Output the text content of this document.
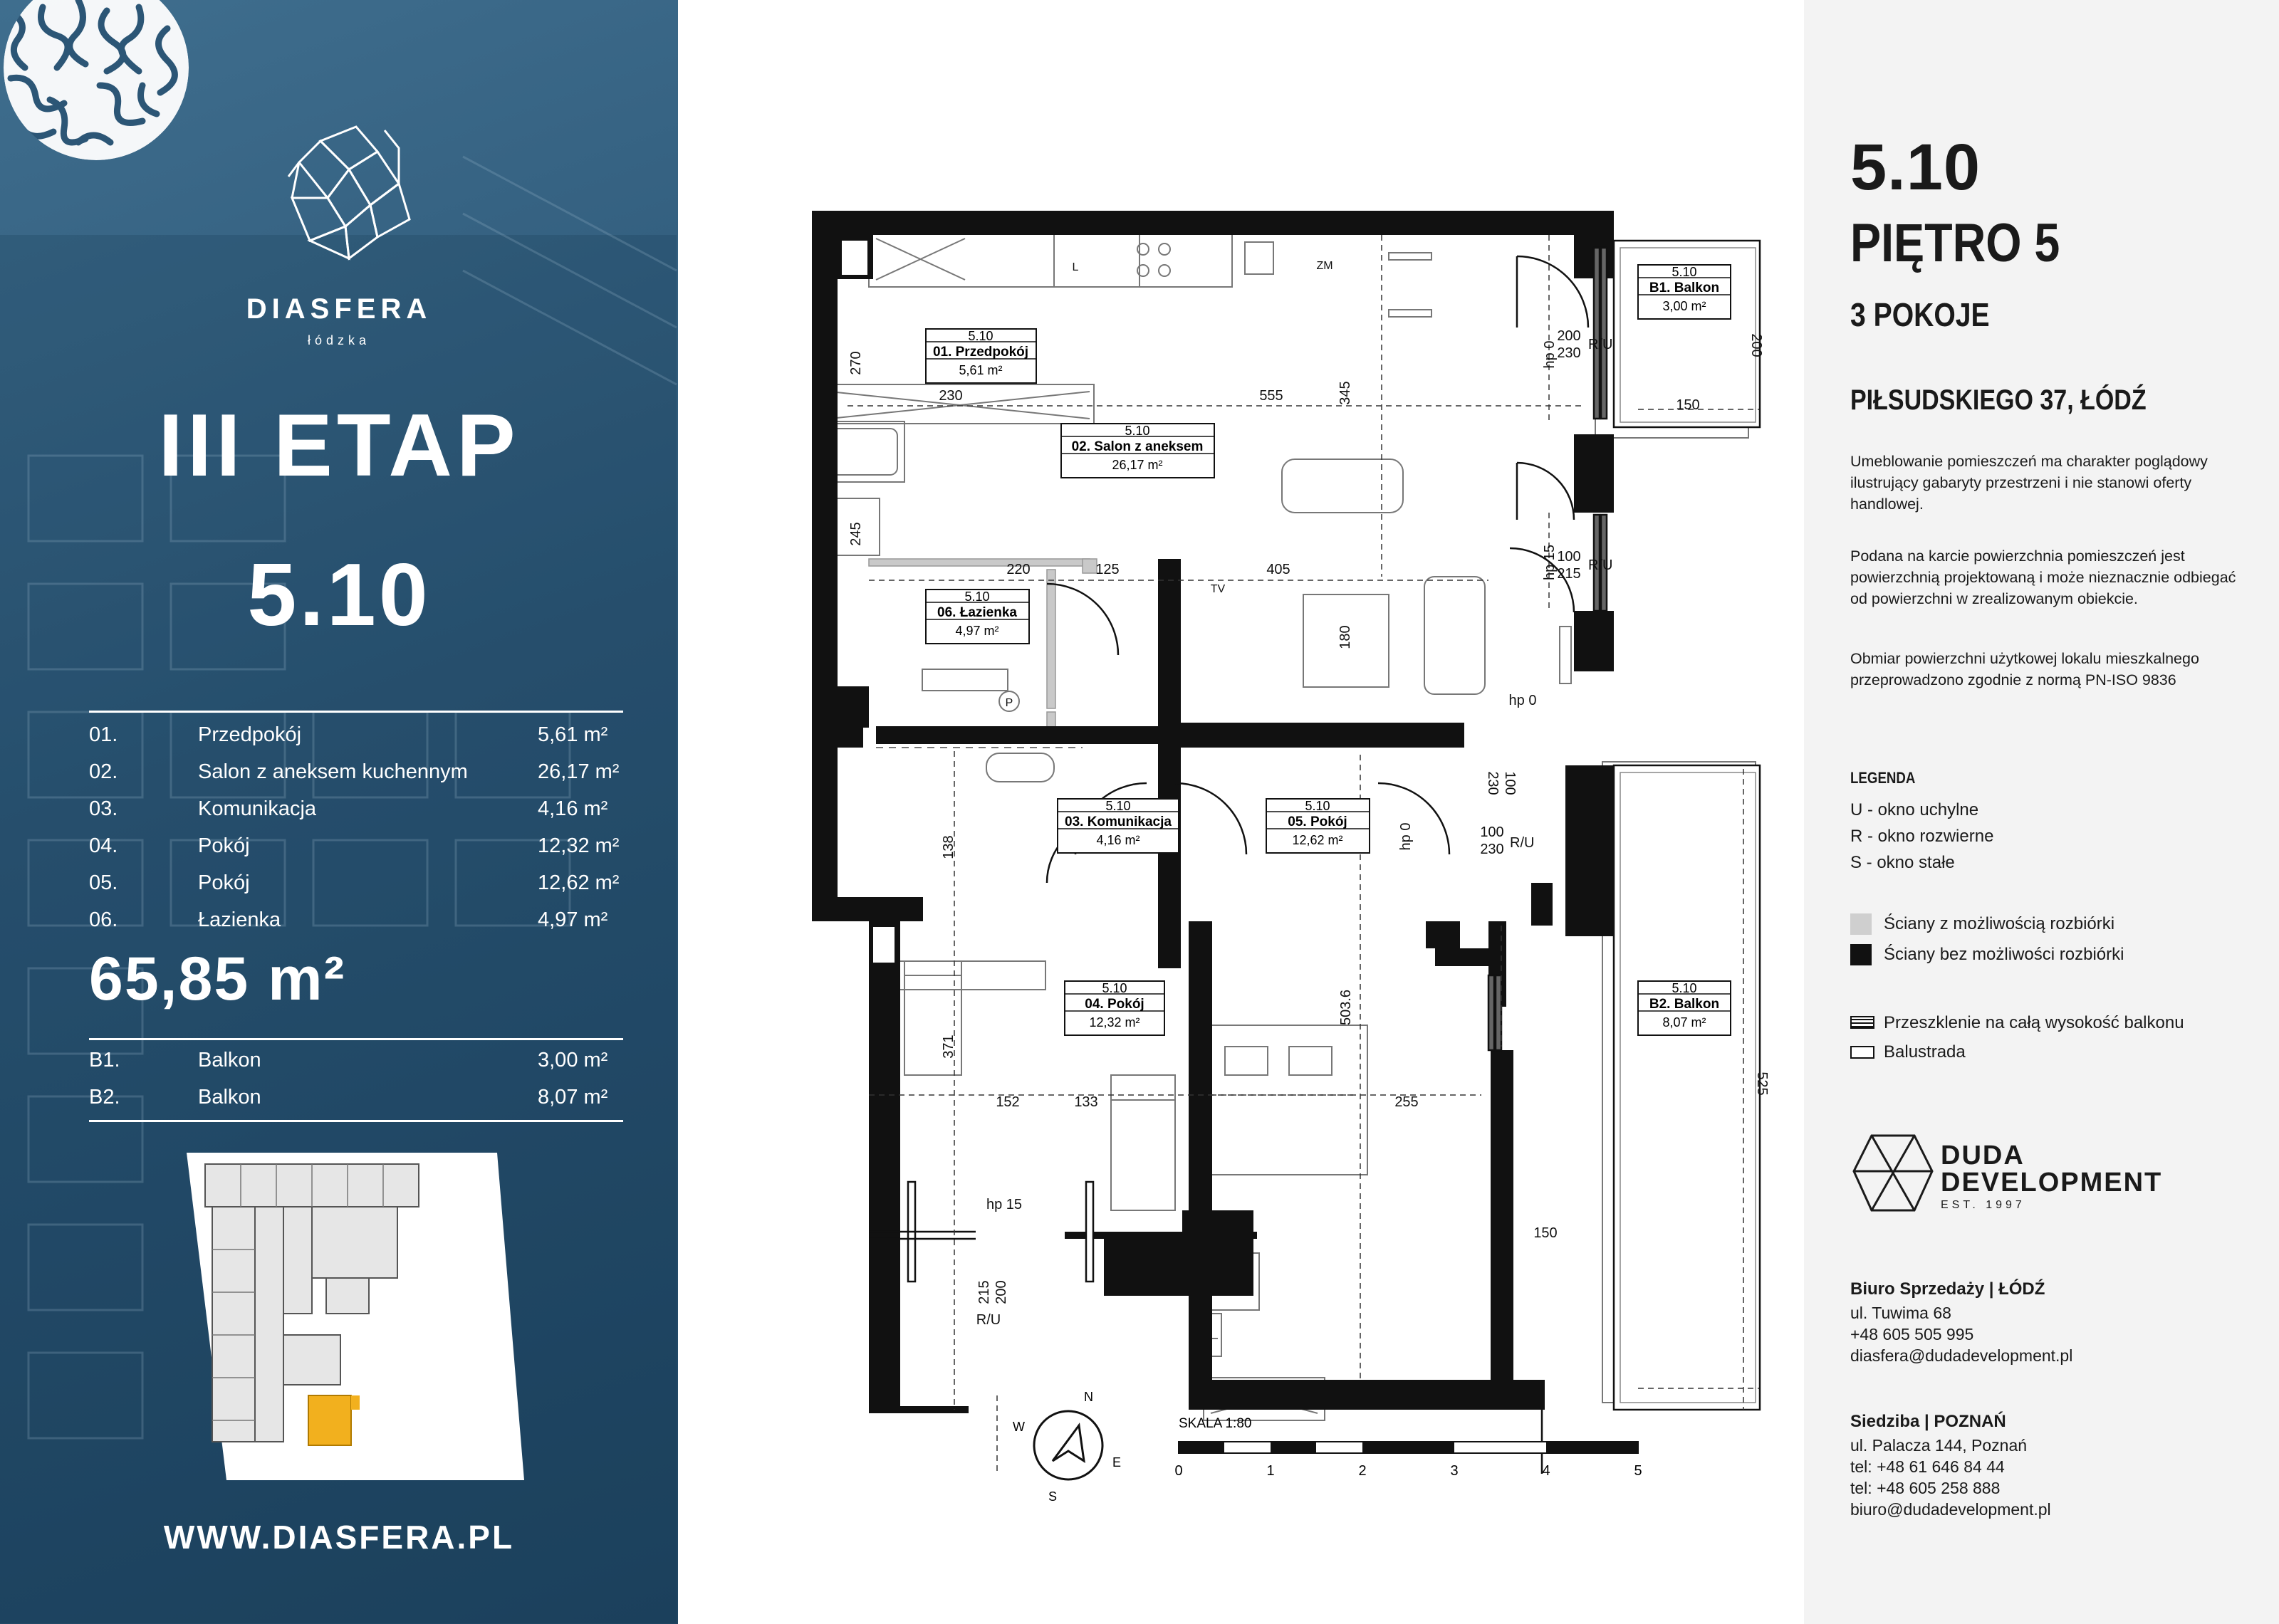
DIASFERA
łódzka
III ETAP
5.10
01.	Przedpokój	5,61 m²
02.	Salon z aneksem kuchennym	26,17 m²
03.	Komunikacja	4,16 m²
04.	Pokój	12,32 m²
05.	Pokój	12,62 m²
06.	Łazienka	4,97 m²
65,85 m²
B1.	Balkon	3,00 m²
B2.	Balkon	8,07 m²
WWW.DIASFERA.PL
5.10
01. Przedpokój
5,61 m²
5.10
02. Salon z aneksem
26,17 m²
5.10
03. Komunikacja
4,16 m²
5.10
04. Pokój
12,32 m²
5.10
05. Pokój
12,62 m²
5.10
06. Łazienka
4,97 m²
5.10
B1. Balkon
3,00 m²
5.10
B2. Balkon
8,07 m²
270
230	555	345
245
220	125	405
180
138
371
152	133
503.6
255
525
150
150
200
200
230
100
215
230 100
100
230
215 200
hp 0
hp 15
hp 0
hp 0
hp 15
R/U
R/U
R/U
R/U
L	ZM
TV
P
N
S
E
W	SKALA 1:80
0	1	2	3	4	5
5.10
PIĘTRO 5
3 POKOJE
PIŁSUDSKIEGO 37, ŁÓDŹ
Umeblowanie pomieszczeń ma charakter poglądowy ilustrujący gabaryty przestrzeni i nie stanowi oferty handlowej.
Podana na karcie powierzchnia pomieszczeń jest powierzchnią projektowaną i może nieznacznie odbiegać od powierzchni w zrealizowanym obiekcie.
Obmiar powierzchni użytkowej lokalu mieszkalnego przeprowadzono zgodnie z normą PN-ISO 9836
LEGENDA
U - okno uchylne
R - okno rozwierne
S - okno stałe
Ściany z możliwością rozbiórki
Ściany bez możliwości rozbiórki
Przeszklenie na całą wysokość balkonu
Balustrada
DUDA
DEVELOPMENT
EST. 1997
Biuro Sprzedaży | ŁÓDŹ
ul. Tuwima 68
+48 605 505 995
diasfera@dudadevelopment.pl
Siedziba | POZNAŃ
ul. Palacza 144, Poznań
tel: +48 61 646 84 44
tel: +48 605 258 888
biuro@dudadevelopment.pl
